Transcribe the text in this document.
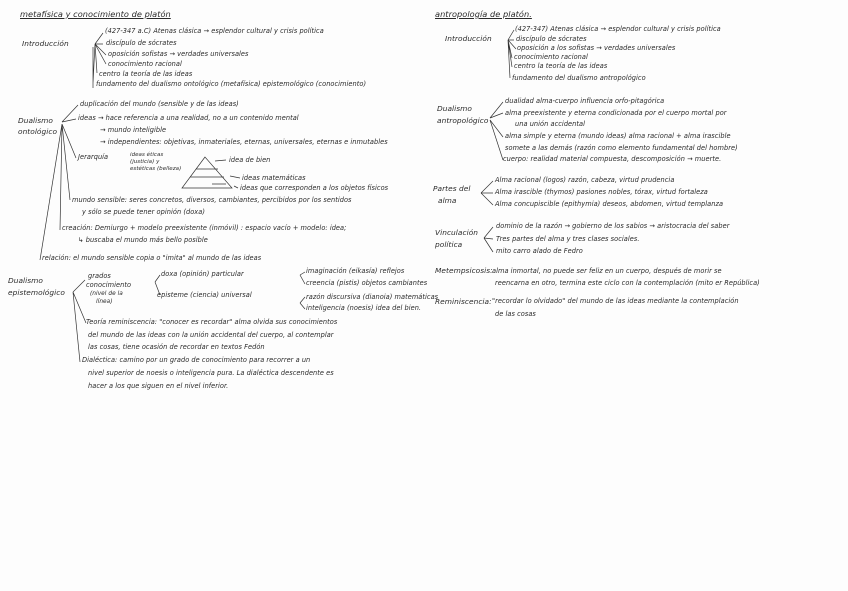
metafísica y conocimiento de platón
Introducción
(427-347 a.C) Atenas clásica → esplendor cultural y crisis política
discípulo de sócrates
oposición sofistas → verdades universales
conocimiento racional
centro la teoría de las ideas
fundamento del dualismo ontológico (metafísica) epistemológico (conocimiento)
Dualismo
ontológico
duplicación del mundo (sensible y de las ideas)
ideas → hace referencia a una realidad, no a un contenido mental
→ mundo inteligible
→ independientes: objetivas, inmateriales, eternas, universales, eternas e inmutables
Jerarquía	ideas éticas
(justicia) y
estéticas (belleza)
idea de bien
ideas matemáticas
ideas que corresponden a los objetos físicos
mundo sensible: seres concretos, diversos, cambiantes, percibidos por los sentidos
y sólo se puede tener opinión (doxa)
creación: Demiurgo + modelo preexistente (inmóvil) : espacio vacío + modelo: idea;
↳ buscaba el mundo más bello posible
relación: el mundo sensible copia o "imita" al mundo de las ideas
Dualismo
epistemológico
grados
conocimiento
(nivel de la
línea)
doxa (opinión) particular
episteme (ciencia) universal
imaginación (eikasía) reflejos
creencia (pistis) objetos cambiantes
razón discursiva (dianoia) matemáticas
inteligencia (noesis) idea del bien.
Teoría reminiscencia: "conocer es recordar" alma olvida sus conocimientos
del mundo de las ideas con la unión accidental del cuerpo, al contemplar
las cosas, tiene ocasión de recordar en textos Fedón
Dialéctica: camino por un grado de conocimiento para recorrer a un
nivel superior de noesis o inteligencia pura. La dialéctica descendente es
hacer a los que siguen en el nivel inferior.
antropología de platón.
Introducción
(427-347) Atenas clásica → esplendor cultural y crisis política
discípulo de sócrates
oposición a los sofistas → verdades universales
conocimiento racional
centro la teoría de las ideas
fundamento del dualismo antropológico
Dualismo
antropológico
dualidad alma-cuerpo influencia orfo-pitagórica
alma preexistente y eterna condicionada por el cuerpo mortal por
una unión accidental
alma simple y eterna (mundo ideas) alma racional + alma irascible
somete a las demás (razón como elemento fundamental del hombre)
cuerpo: realidad material compuesta, descomposición → muerte.
Partes del
alma
Alma racional (logos) razón, cabeza, virtud prudencia
Alma irascible (thymos) pasiones nobles, tórax, virtud fortaleza
Alma concupiscible (epithymia) deseos, abdomen, virtud templanza
Vinculación
política
dominio de la razón → gobierno de los sabios → aristocracia del saber
Tres partes del alma y tres clases sociales.
mito carro alado de Fedro
Metempsicosis: alma inmortal, no puede ser feliz en un cuerpo, después de morir se
reencarna en otro, termina este ciclo con la contemplación (mito er República)
Reminiscencia: "recordar lo olvidado" del mundo de las ideas mediante la contemplación
de las cosas
